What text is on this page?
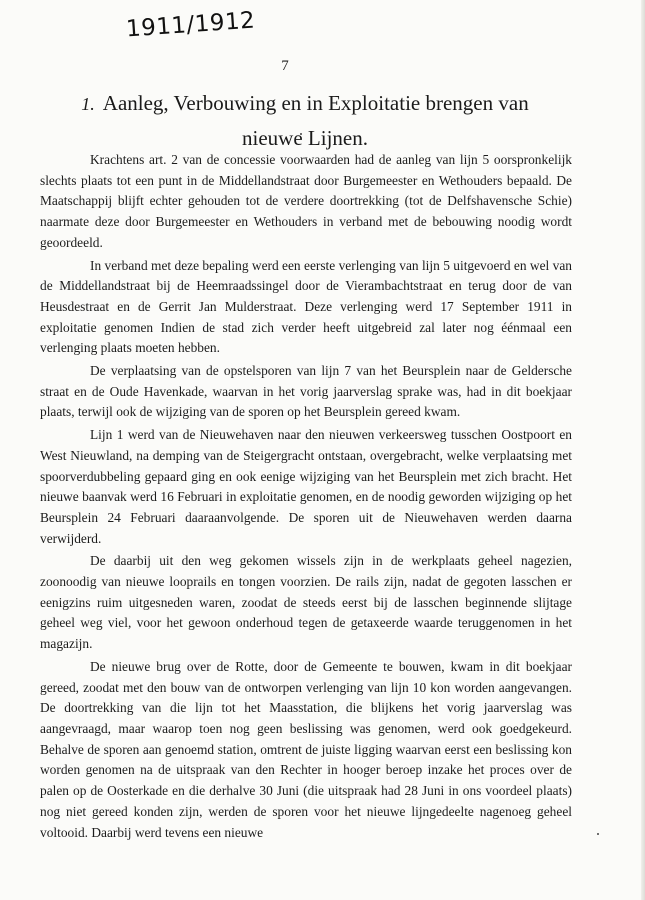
1911/1912
7
1. Aanleg, Verbouwing en in Exploitatie brengen van nieuwe Lijnen.

Krachtens art. 2 van de concessie voorwaarden had de aanleg van lijn 5 oorspronkelijk slechts plaats tot een punt in de Middellandstraat door Burgemeester en Wethouders bepaald. De Maatschappij blijft echter gehouden tot de verdere doortrekking (tot de Delfshavensche Schie) naarmate deze door Burgemeester en Wethouders in verband met de bebouwing noodig wordt geoordeeld.

In verband met deze bepaling werd een eerste verlenging van lijn 5 uitgevoerd en wel van de Middellandstraat bij de Heemraadssingel door de Vierambachtstraat en terug door de van Heusdestraat en de Gerrit Jan Mulderstraat. Deze verlenging werd 17 September 1911 in exploitatie genomen Indien de stad zich verder heeft uitgebreid zal later nog éénmaal een verlenging plaats moeten hebben.

De verplaatsing van de opstelsporen van lijn 7 van het Beursplein naar de Geldersche straat en de Oude Havenkade, waarvan in het vorig jaarverslag sprake was, had in dit boekjaar plaats, terwijl ook de wijziging van de sporen op het Beursplein gereed kwam.

Lijn 1 werd van de Nieuwehaven naar den nieuwen verkeersweg tusschen Oostpoort en West Nieuwland, na demping van de Steigergracht ontstaan, overgebracht, welke verplaatsing met spoorverdubbeling gepaard ging en ook eenige wijziging van het Beursplein met zich bracht. Het nieuwe baanvak werd 16 Februari in exploitatie genomen, en de noodig geworden wijziging op het Beursplein 24 Februari daaraanvolgende. De sporen uit de Nieuwehaven werden daarna verwijderd.

De daarbij uit den weg gekomen wissels zijn in de werkplaats geheel nagezien, zoonoodig van nieuwe looprails en tongen voorzien. De rails zijn, nadat de gegoten lasschen er eenigzins ruim uitgesneden waren, zoodat de steeds eerst bij de lasschen beginnende slijtage geheel weg viel, voor het gewoon onderhoud tegen de getaxeerde waarde teruggenomen in het magazijn.

De nieuwe brug over de Rotte, door de Gemeente te bouwen, kwam in dit boekjaar gereed, zoodat met den bouw van de ontworpen verlenging van lijn 10 kon worden aangevangen. De doortrekking van die lijn tot het Maasstation, die blijkens het vorig jaarverslag was aangevraagd, maar waarop toen nog geen beslissing was genomen, werd ook goedgekeurd. Behalve de sporen aan genoemd station, omtrent de juiste ligging waarvan eerst een beslissing kon worden genomen na de uitspraak van den Rechter in hooger beroep inzake het proces over de palen op de Oosterkade en die derhalve 30 Juni (die uitspraak had 28 Juni in ons voordeel plaats) nog niet gereed konden zijn, werden de sporen voor het nieuwe lijngedeelte nagenoeg geheel voltooid. Daarbij werd tevens een nieuwe
